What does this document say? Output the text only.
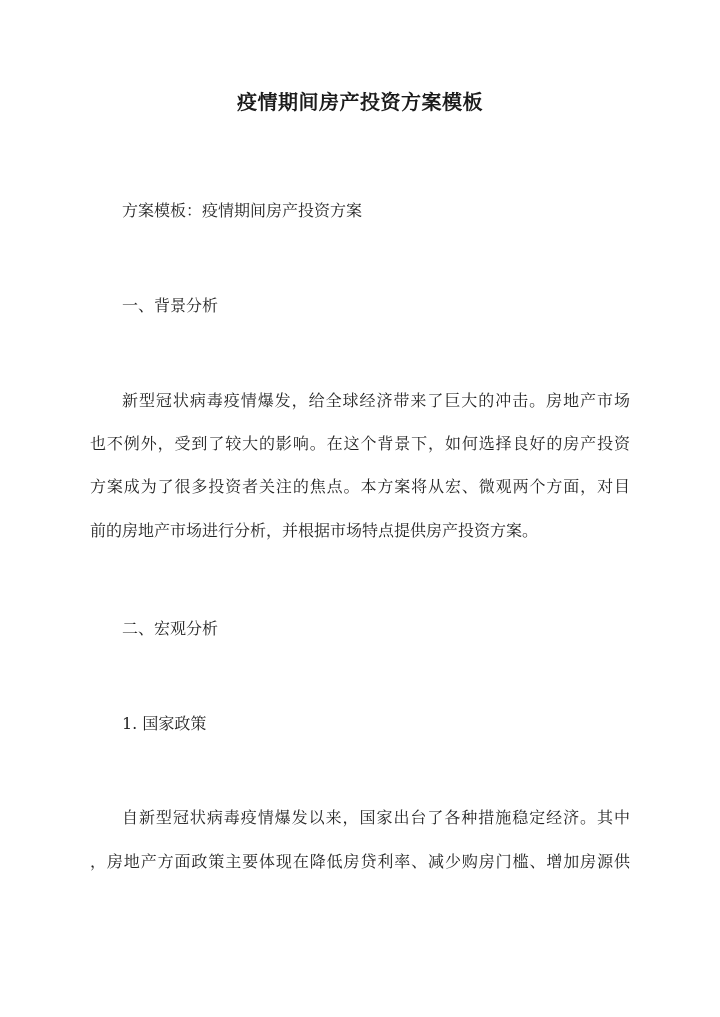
疫情期间房产投资方案模板
方案模板：疫情期间房产投资方案
一、背景分析
新型冠状病毒疫情爆发，给全球经济带来了巨大的冲击。房地产市场
也不例外，受到了较大的影响。在这个背景下，如何选择良好的房产投资
方案成为了很多投资者关注的焦点。本方案将从宏、微观两个方面，对目
前的房地产市场进行分析，并根据市场特点提供房产投资方案。
二、宏观分析
1. 国家政策
自新型冠状病毒疫情爆发以来，国家出台了各种措施稳定经济。其中
，房地产方面政策主要体现在降低房贷利率、减少购房门槛、增加房源供
